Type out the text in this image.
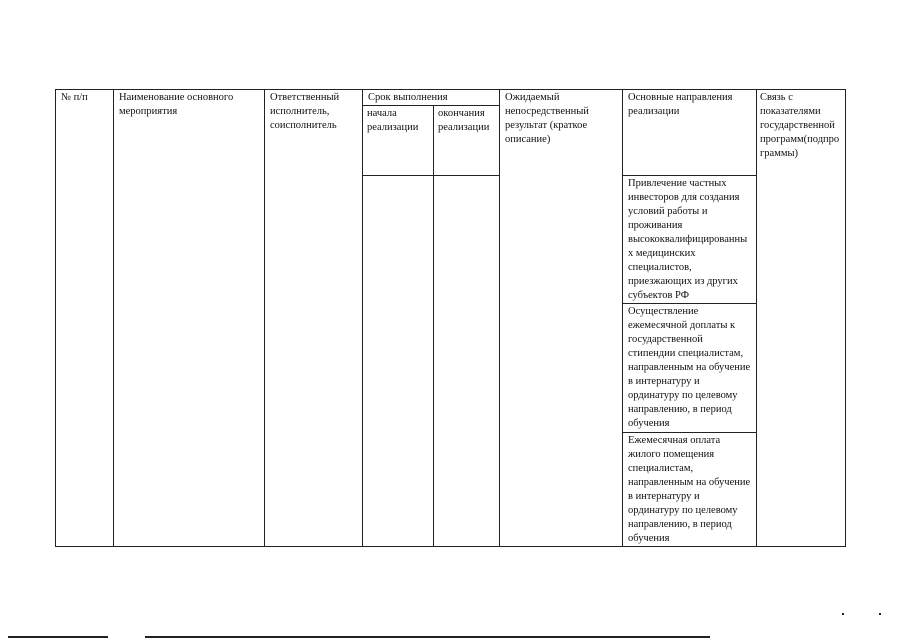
№ п/п	Наименование основного мероприятия	Ответственный исполнитель, соисполнитель	Срок выполнения		Ожидаемый непосредственный результат (краткое описание)	Основные направления реализации	Связь с показателями государственной программ(подпрограммы)
			начала реализации	окончания реализации			

						Привлечение частных инвесторов для создания условий работы и проживания высококвалифицированных медицинских специалистов, приезжающих из других субъектов РФ	
						Осуществление ежемесячной доплаты к государственной стипендии специалистам, направленным на обучение в интернатуру и ординатуру по целевому направлению, в период обучения	
						Ежемесячная оплата жилого помещения специалистам, направленным на обучение в интернатуру и ординатуру по целевому направлению, в период обучения	
